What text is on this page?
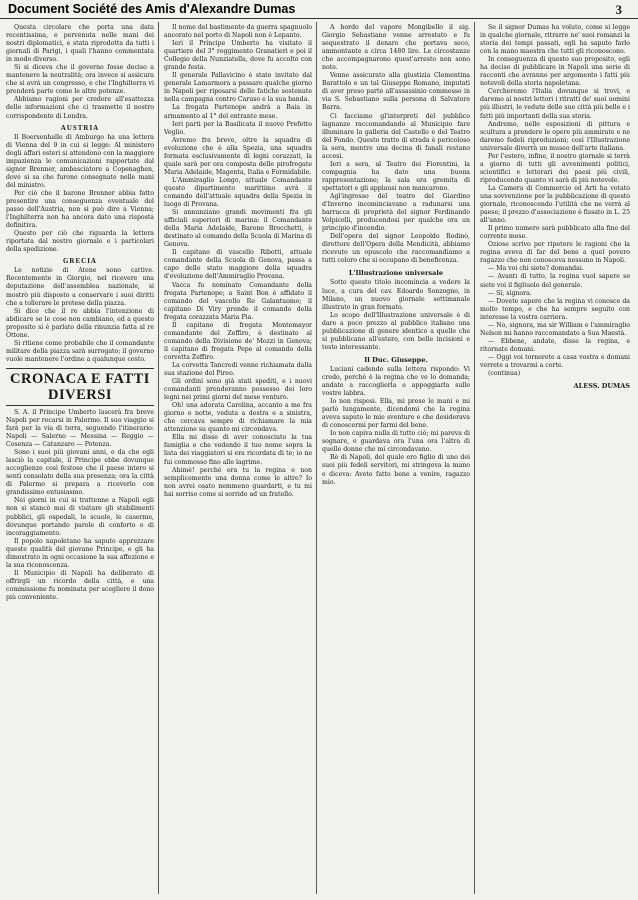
Document Société des Amis d'Alexandre Dumas	3

Questa circolare che porta una data recentissima, e pervenuta nelle mani dei nostri diplomatici, e stata riprodotta da tutti i giornali di Parigi, i quali l'hanno commentata in modo diverso.

Si si diceva che il governo fosse deciso a mantenere la neutralità; ora invece si assicura che si avrà un congresso, e che l'Inghilterra vi prenderà parte come le altre potenze.

Abbiamo ragioni per credere all'esattezza delle informazioni che ci trasmette il nostro corrispondente di Londra.

AUSTRIA

Il Boersenhalle di Amburgo ha una lettera di Vienna del 9 in cui si legge: Al ministero degli affari esteri si attendono con la maggiore impazienza le comunicazioni rapportate dal signor Brenner, ambasciatore a Copenaghen, dove si sa che furono consegnate nelle mani del ministro.

Per ciò che il barone Brenner abbia fatto presentire una conseguenza eventuale del passo dell'Austria, non si può dire a Vienna; l'Inghilterra non ha ancora dato una risposta definitiva.

Questo per ciò che riguarda la lettera riportata dal nostro giornale e i particolari della spedizione.

GRECIA

Le notizie di Atene sono cattive. Recentemente in Giorgio, nel ricevere una deputazione dell'assemblea nazionale, si mostrò più disposto a conservare i suoi diritti che a tollerare le pretese della piazza.

Si dice che il re abbia l'intenzione di abdicare se le cose non cambiano, ed a questo proposito si è parlato della rinunzia fatta al re Ottone.

Si ritiene come probabile che il comandante militare della piazza sarà surrogato; il governo vuole mantenere l'ordine a qualunque costo.

CRONACA E FATTI DIVERSI

S. A. il Principe Umberto lascerà fra breve Napoli per recarsi in Palermo. Il suo viaggio si farà per la via di terra, seguendo l'itinerario: Napoli — Salerno — Messina — Reggio — Cosenza — Catanzaro — Potenza.

Sono i suoi più giovani anni, e da che egli lasciò la capitale, il Principe ebbe dovunque accoglienze così festose che il paese intero si sentì consolato della sua presenza; ora la città di Palermo si prepara a riceverlo con grandissimo entusiasmo.

Nei giorni in cui si trattenne a Napoli egli non si stancò mai di visitare gli stabilimenti pubblici, gli ospedali, le scuole, le caserme, dovunque portando parole di conforto e di incoraggiamento.

Il popolo napoletano ha saputo apprezzare queste qualità del giovane Principe, e gli ha dimostrato in ogni occasione la sua affezione e la sua riconoscenza.

Il Municipio di Napoli ha deliberato di offrirgli un ricordo della città, e una commissione fu nominata per scegliere il dono più conveniente.

Il nome del bastimento da guerra spagnuolo ancorato nel porto di Napoli non è Lepanto.

Ieri il Principe Umberto ha visitato il quartiere del 3° reggimento Granatieri e poi il Collegio della Nunziatella, dove fu accolto con grande festa.

Il generale Pallavicino è stato invitato dal generale Lamarmora a passare qualche giorno in Napoli per riposarsi delle fatiche sostenute nella campagna contro Caruso e la sua banda.

La fregata Partenope andrà a Baia in armamento al 1° del entrante mese.

Ieri parti per la Basilicata il nuovo Prefetto Veglio.

Avremo fra breve, oltre la squadra di evoluzione che è alla Spezia, una squadra formata esclusivamente di legni corazzati, la quale sarà per ora composta delle pirofregate Maria Adelaide, Magenta, Italia e Formidabile.

L'Ammiraglio Longo, attuale Comandante questo dipartimento marittimo avrà il comando dell'attuale squadra della Spezia in luogo di Provana.

Si annunziano grandi movimenti fra gli ufficiali superiori di marina: il Comandante della Maria Adelaide, Barone Brocchetti, è destinato al comando della Scuola di Marina di Genova.

Il capitano di vascello Ribotti, attuale comandante della Scuola di Genova, passa a capo dello stato maggiore della squadra d'evoluzione dell'Ammiraglio Provana.

Vacca fu nominato Comandante della fregata Partenope; a Saint Bon è affidato il comando del vascello Re Galantuomo; il capitano Di Viry prende il comando della fregata corazzata Maria Pia.

Il capitano di fregata Montemayor comandante del Zeffiro, è destinato al comando della Divisione de' Mozzi in Genova; il capitano di fregata Pepe al comando della corvetta Zeffiro.

La corvetta Tancredi venne richiamata dalla sua stazione del Pireo.

Gli ordini sono già stati spediti, e i nuovi comandanti prenderanno possesso dei loro legni nei primi giorni del mese venturo.

Oh! una adorata Carolina, accanto a me fra giorno e notte, veduta a destra e a sinistra, che cercava sempre di richiamare la mia attenzione su quanto mi circondava.

Ella mi disse di aver conosciuto la tua famiglia e che vedendo il tuo nome sopra la lista dei viaggiatori si era ricordata di te; io ne fui commosso fino alle lagrime.

Ahimè! perchè era tu la regina e non semplicemente una donna come le altre? Io non avrei osato nemmeno guardarti, e tu mi hai sorriso come si sorride ad un fratello.

A bordo del vapore Mongibello il sig. Giorgio Sebastiano venne arrestato e fu sequestrato il denaro che portava seco, ammontante a circa 1480 lire. Le circostanze che accompagnarono quest'arresto non sono note.

Venne assicurato alla giustizia Clementina Barattolo e un tal Giuseppe Romano, imputati di aver preso parte all'assassinio commesso in via S. Sebastiano sulla persona di Salvatore Barra.

Ci facciamo gl'interpreti del pubblico lagnanze raccomandando al Municipio fare illuminare la galleria del Castello e del Teatro del Fondo. Questo tratto di strada è pericoloso la sera, mentre una decina di fanali restano accesi.

Ieri a sera, al Teatro dei Fiorentini, la compagnia ha dato una buona rappresentazione; la sala era gremita di spettatori e gli applausi non mancarono.

Agl'ingresso del teatro del Giardino d'Inverno incominciavano a radunarsi una barracca di proprietà del signor Ferdinando Volpicelli, producendosi per qualche ora un principio d'incendio.

Dell'opera del signor Leopoldo Rodinò, direttore dell'Opera della Mendicità, abbiamo ricevuto un opuscolo che raccomandiamo a tutti coloro che si occupano di beneficenza.

L'Illustrazione universale

Sotto questo titolo incomincia a vedere la luce, a cura del cav. Edoardo Sonzogno, in Milano, un nuovo giornale settimanale illustrato in gran formato.

Lo scopo dell'Illustrazione universale è di dare a poco prezzo al pubblico italiano una pubblicazione di genere identico a quelle che si pubblicano all'estero, con belle incisioni e testo interessante.

Il Duc. Giuseppe.

Luciani cadendo sulla lettera rispondo: Vi credo, perchè è la regina che ve lo domanda; andate a raccoglierla e appoggiarla sulle vostre labbra.

Io non risposi. Ella, mi prese le mani e mi parlò lungamente, dicendomi che la regina aveva saputo le mie sventure e che desiderava di conoscermi per farmi del bene.

Io non capiva nulla di tutto ciò; mi pareva di sognare, e guardava ora l'una ora l'altra di quelle donne che mi circondavano.

Rè di Napoli, del quale ero figlio di uno dei suoi più fedeli servitori, mi stringeva la mano e diceva: Avete fatto bene a venire, ragazzo mio.

Se il signor Dumas ha voluto, come si legge in qualche giornale, ritrarre ne' suoi romanzi la storia dei tempi passati, egli ha saputo farlo con la mano maestra che tutti gli riconoscono.

In conseguenza di questo suo proposito, egli ha deciso di pubblicare in Napoli una serie di racconti che avranno per argomento i fatti più notevoli della storia napoletana.

Cercheremo l'Italia dovunque si trovi, e daremo ai nostri lettori i ritratti de' suoi uomini più illustri, le vedute delle sue città più belle e i fatti più importanti della sua storia.

Andremo, nelle esposizioni di pittura e scultura a prendere le opere più ammirate e ne daremo fedeli riproduzioni; così l'Illustrazione universale diverrà un museo dell'arte italiana.

Per l'estero, infine, il nostro giornale si terrà a giorno di tutti gli avvenimenti politici, scientifici e letterari dei paesi più civili, riproducendo quanto vi sarà di più notevole.

La Camera di Commercio ed Arti ha votato una sovvenzione per la pubblicazione di questo giornale, riconoscendo l'utilità che ne verrà al paese; il prezzo d'associazione è fissato in L. 25 all'anno.

Il primo numero sarà pubblicato alla fine del corrente mese.

Oziose scrivo per ripetere le ragioni che la regina aveva di far del bene a quel povero ragazzo che non conosceva nessuno in Napoli.

— Ma voi chi siete? domandai.

— Avanti di tutto, la regina vuol sapere se siete voi il figliuolo del generale.

— Sì, signora.

— Dovete sapere che la regina vi conosce da molto tempo, e che ha sempre seguito con interesse la vostra carriera.

— No, signora, ma sir William e l'ammiraglio Nelson mi hanno raccomandato a Sua Maestà.

— Ebbene, andate, disse la regina, e ritornate domani.

— Oggi voi tornerete a casa vostra e domani verrete a trovarmi a corte.

(continua)

ALESS. DUMAS
